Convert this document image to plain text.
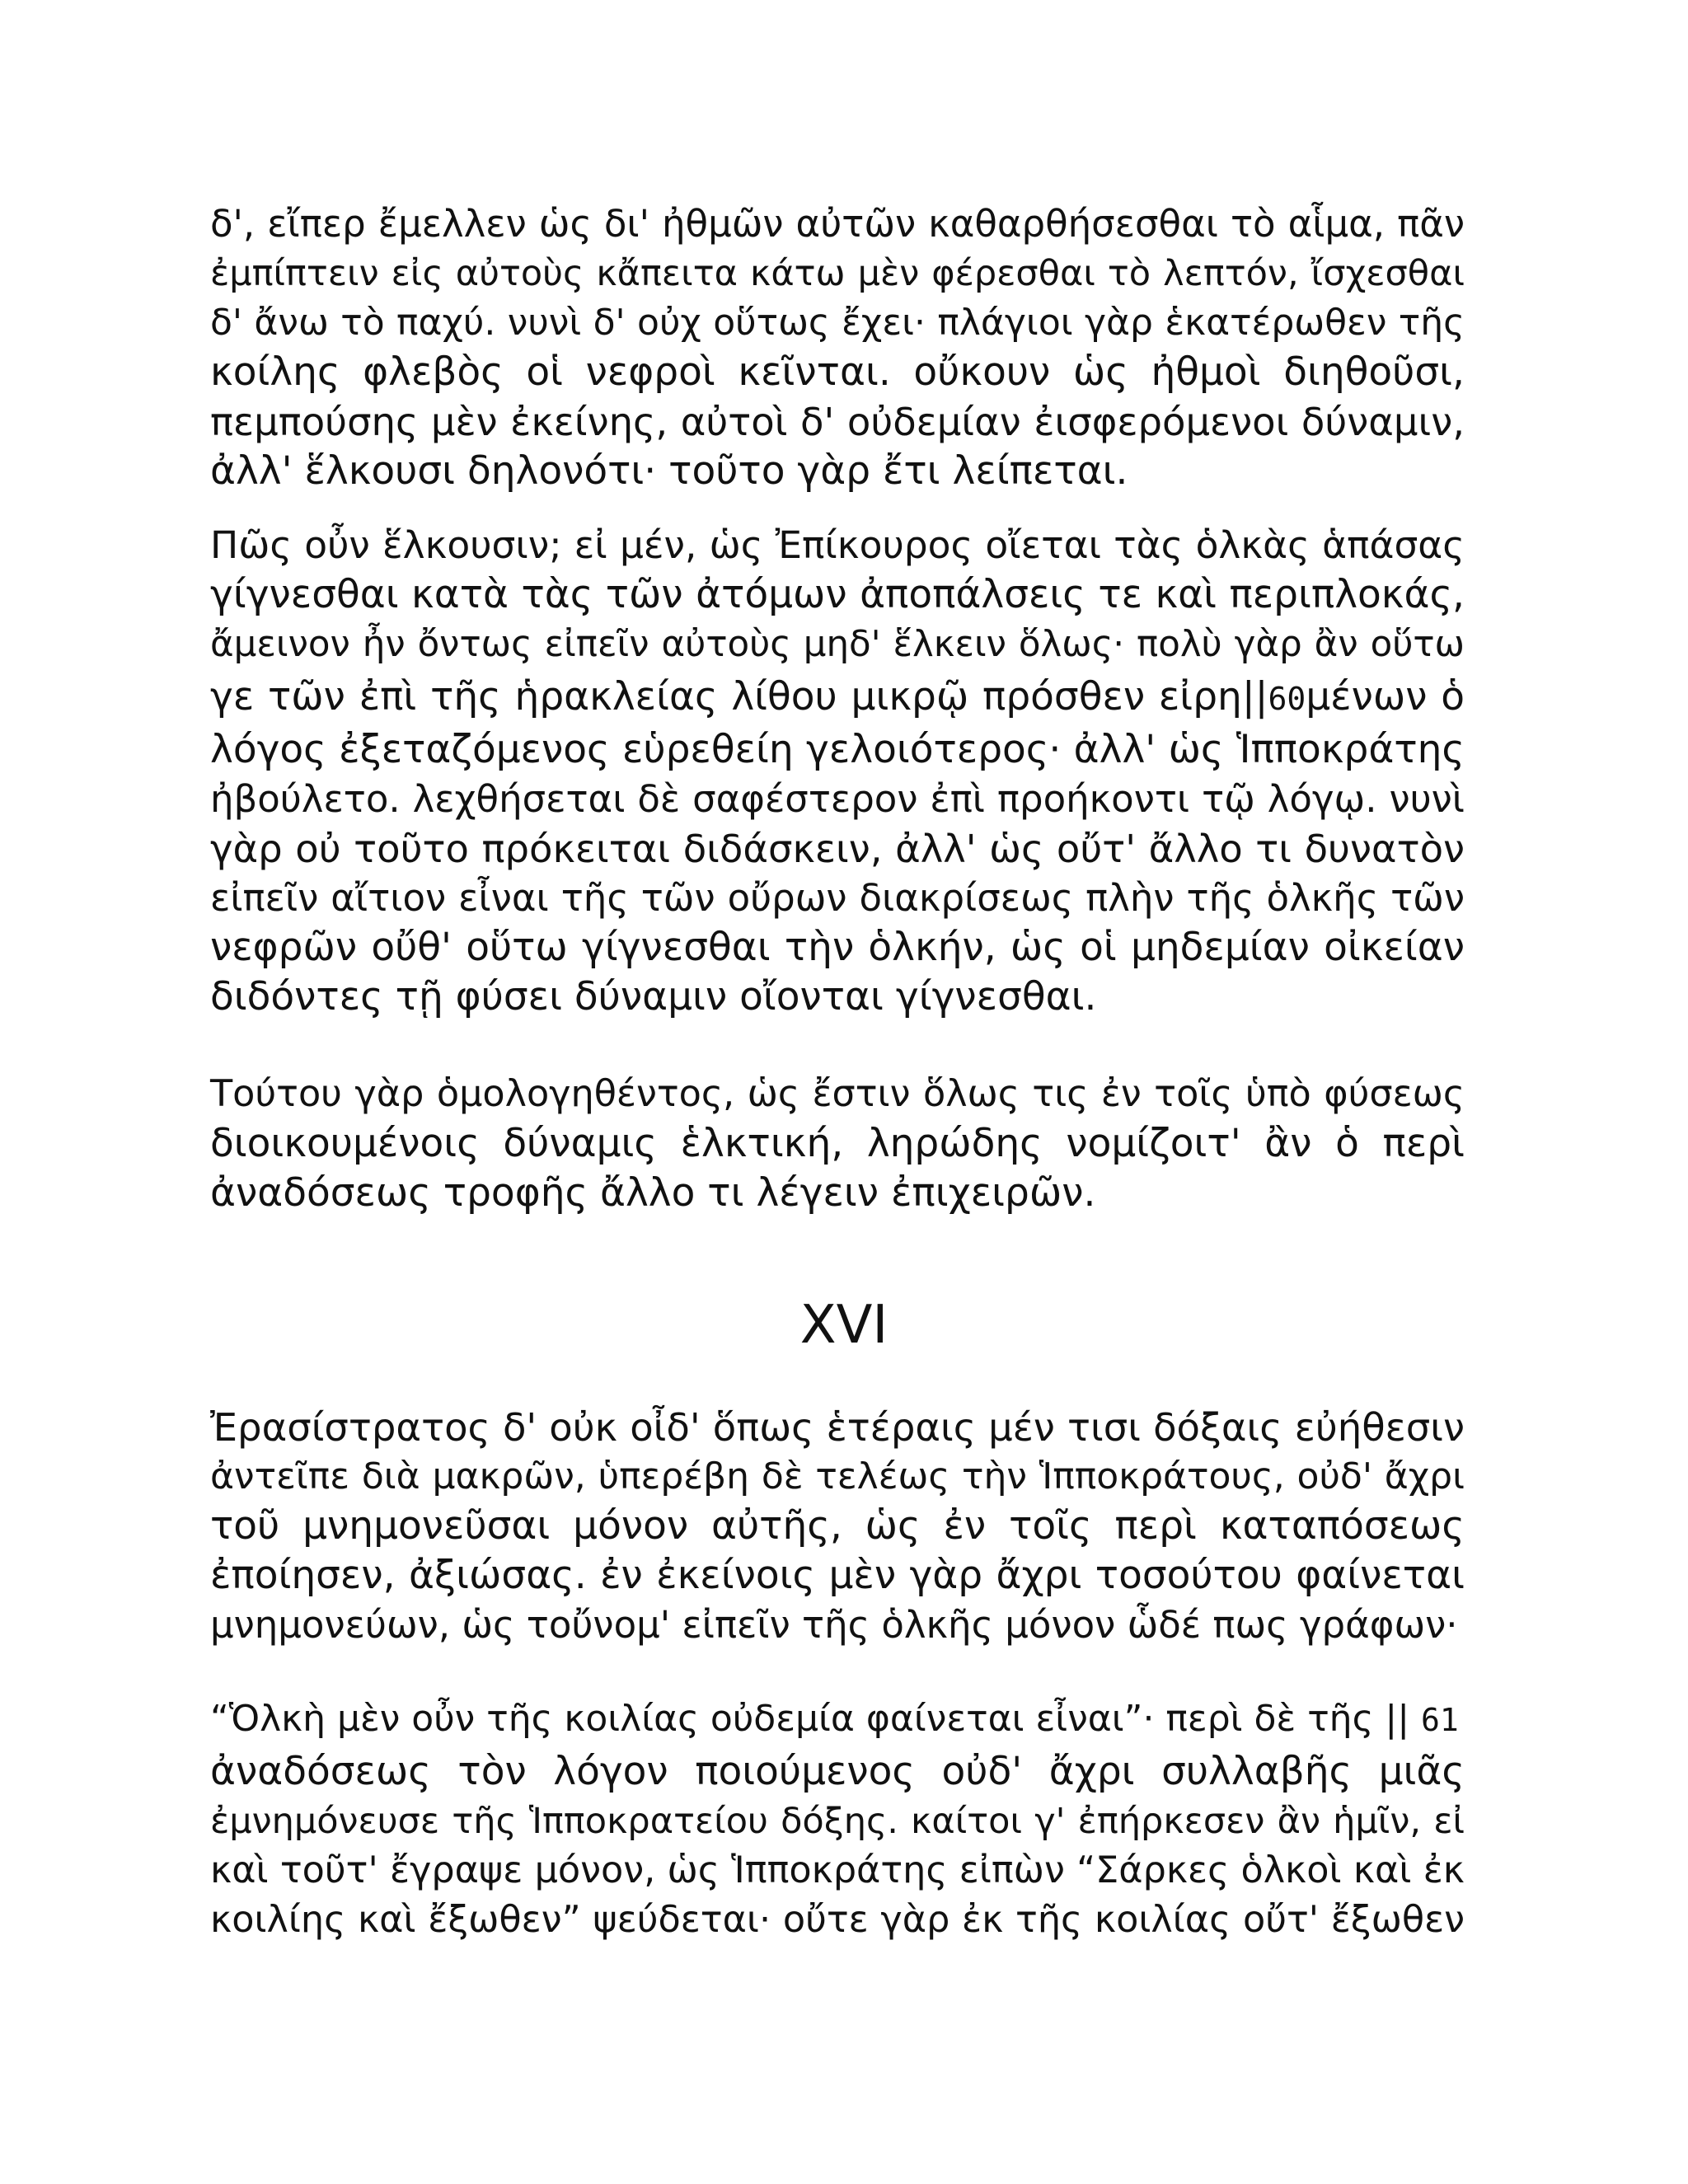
δ', εἴπερ ἔμελλεν ὡς δι' ἠθμῶν αὐτῶν καθαρθήσεσθαι τὸ αἷμα, πᾶν
ἐμπίπτειν εἰς αὐτοὺς κἄπειτα κάτω μὲν φέρεσθαι τὸ λεπτόν, ἴσχεσθαι
δ' ἄνω τὸ παχύ. νυνὶ δ' οὐχ οὕτως ἔχει· πλάγιοι γὰρ ἑκατέρωθεν τῆς
κοίλης φλεβὸς οἱ νεφροὶ κεῖνται. οὔκουν ὡς ἠθμοὶ διηθοῦσι,
πεμπούσης μὲν ἐκείνης, αὐτοὶ δ' οὐδεμίαν ἐισφερόμενοι δύναμιν,
ἀλλ' ἕλκουσι δηλονότι· τοῦτο γὰρ ἔτι λείπεται.
Πῶς οὖν ἕλκουσιν; εἰ μέν, ὡς Ἐπίκουρος οἴεται τὰς ὁλκὰς ἁπάσας
γίγνεσθαι κατὰ τὰς τῶν ἀτόμων ἀποπάλσεις τε καὶ περιπλοκάς,
ἄμεινον ἦν ὄντως εἰπεῖν αὐτοὺς μηδ' ἕλκειν ὅλως· πολὺ γὰρ ἂν οὕτω
γε τῶν ἐπὶ τῆς ἡρακλείας λίθου μικρῷ πρόσθεν εἰρη||60μένων ὁ
λόγος ἐξεταζόμενος εὑρεθείη γελοιότερος· ἀλλ' ὡς Ἱπποκράτης
ἠβούλετο. λεχθήσεται δὲ σαφέστερον ἐπὶ προήκοντι τῷ λόγῳ. νυνὶ
γὰρ οὐ τοῦτο πρόκειται διδάσκειν, ἀλλ' ὡς οὔτ' ἄλλο τι δυνατὸν
εἰπεῖν αἴτιον εἶναι τῆς τῶν οὔρων διακρίσεως πλὴν τῆς ὁλκῆς τῶν
νεφρῶν οὔθ' οὕτω γίγνεσθαι τὴν ὁλκήν, ὡς οἱ μηδεμίαν οἰκείαν
διδόντες τῇ φύσει δύναμιν οἴονται γίγνεσθαι.
Τούτου γὰρ ὁμολογηθέντος, ὡς ἔστιν ὅλως τις ἐν τοῖς ὑπὸ φύσεως
διοικουμένοις δύναμις ἑλκτική, ληρώδης νομίζοιτ' ἂν ὁ περὶ
ἀναδόσεως τροφῆς ἄλλο τι λέγειν ἐπιχειρῶν.
XVI
Ἐρασίστρατος δ' οὐκ οἶδ' ὅπως ἑτέραις μέν τισι δόξαις εὐήθεσιν
ἀντεῖπε διὰ μακρῶν, ὑπερέβη δὲ τελέως τὴν Ἱπποκράτους, οὐδ' ἄχρι
τοῦ μνημονεῦσαι μόνον αὐτῆς, ὡς ἐν τοῖς περὶ καταπόσεως
ἐποίησεν, ἀξιώσας. ἐν ἐκείνοις μὲν γὰρ ἄχρι τοσούτου φαίνεται
μνημονεύων, ὡς τοὔνομ' εἰπεῖν τῆς ὁλκῆς μόνον ὧδέ πως γράφων·
“Ὁλκὴ μὲν οὖν τῆς κοιλίας οὐδεμία φαίνεται εἶναι”· περὶ δὲ τῆς || 61
ἀναδόσεως τὸν λόγον ποιούμενος οὐδ' ἄχρι συλλαβῆς μιᾶς
ἐμνημόνευσε τῆς Ἱπποκρατείου δόξης. καίτοι γ' ἐπήρκεσεν ἂν ἡμῖν, εἰ
καὶ τοῦτ' ἔγραψε μόνον, ὡς Ἱπποκράτης εἰπὼν “Σάρκες ὁλκοὶ καὶ ἐκ
κοιλίης καὶ ἔξωθεν” ψεύδεται· οὔτε γὰρ ἐκ τῆς κοιλίας οὔτ' ἔξωθεν
